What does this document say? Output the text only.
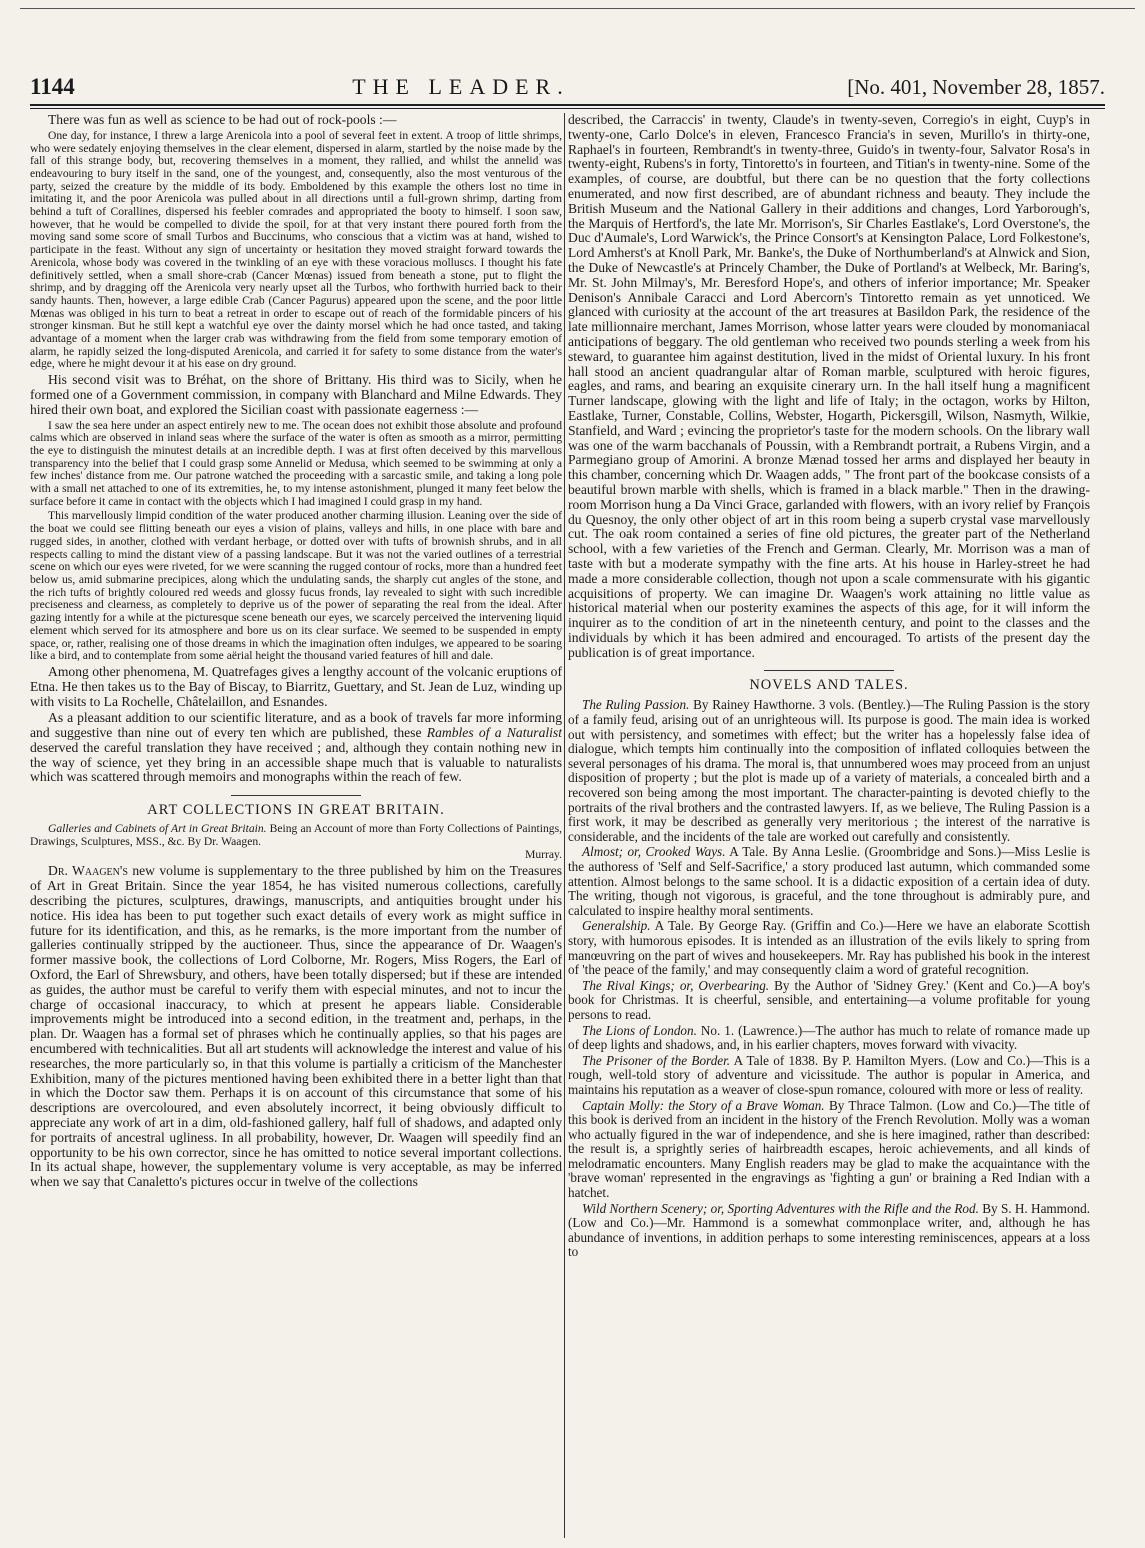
1144	THE LEADER.	[No. 401, November 28, 1857.

There was fun as well as science to be had out of rock-pools :—

One day, for instance, I threw a large Arenicola into a pool of several feet in extent. A troop of little shrimps, who were sedately enjoying themselves in the clear element, dispersed in alarm, startled by the noise made by the fall of this strange body, but, recovering themselves in a moment, they rallied, and whilst the annelid was endeavouring to bury itself in the sand, one of the youngest, and, consequently, also the most venturous of the party, seized the creature by the middle of its body. Emboldened by this example the others lost no time in imitating it, and the poor Arenicola was pulled about in all directions until a full-grown shrimp, darting from behind a tuft of Corallines, dispersed his feebler comrades and appropriated the booty to himself. I soon saw, however, that he would be compelled to divide the spoil, for at that very instant there poured forth from the moving sand some score of small Turbos and Buccinums, who conscious that a victim was at hand, wished to participate in the feast. Without any sign of uncertainty or hesitation they moved straight forward towards the Arenicola, whose body was covered in the twinkling of an eye with these voracious molluscs. I thought his fate definitively settled, when a small shore-crab (Cancer Mœnas) issued from beneath a stone, put to flight the shrimp, and by dragging off the Arenicola very nearly upset all the Turbos, who forthwith hurried back to their sandy haunts. Then, however, a large edible Crab (Cancer Pagurus) appeared upon the scene, and the poor little Mœnas was obliged in his turn to beat a retreat in order to escape out of reach of the formidable pincers of his stronger kinsman. But he still kept a watchful eye over the dainty morsel which he had once tasted, and taking advantage of a moment when the larger crab was withdrawing from the field from some temporary emotion of alarm, he rapidly seized the long-disputed Arenicola, and carried it for safety to some distance from the water's edge, where he might devour it at his ease on dry ground.

His second visit was to Bréhat, on the shore of Brittany. His third was to Sicily, when he formed one of a Government commission, in company with Blanchard and Milne Edwards. They hired their own boat, and explored the Sicilian coast with passionate eagerness :—

I saw the sea here under an aspect entirely new to me. The ocean does not exhibit those absolute and profound calms which are observed in inland seas where the surface of the water is often as smooth as a mirror, permitting the eye to distinguish the minutest details at an incredible depth. I was at first often deceived by this marvellous transparency into the belief that I could grasp some Annelid or Medusa, which seemed to be swimming at only a few inches' distance from me. Our patrone watched the proceeding with a sarcastic smile, and taking a long pole with a small net attached to one of its extremities, he, to my intense astonishment, plunged it many feet below the surface before it came in contact with the objects which I had imagined I could grasp in my hand.

This marvellously limpid condition of the water produced another charming illusion. Leaning over the side of the boat we could see flitting beneath our eyes a vision of plains, valleys and hills, in one place with bare and rugged sides, in another, clothed with verdant herbage, or dotted over with tufts of brownish shrubs, and in all respects calling to mind the distant view of a passing landscape. But it was not the varied outlines of a terrestrial scene on which our eyes were riveted, for we were scanning the rugged contour of rocks, more than a hundred feet below us, amid submarine precipices, along which the undulating sands, the sharply cut angles of the stone, and the rich tufts of brightly coloured red weeds and glossy fucus fronds, lay revealed to sight with such incredible preciseness and clearness, as completely to deprive us of the power of separating the real from the ideal. After gazing intently for a while at the picturesque scene beneath our eyes, we scarcely perceived the intervening liquid element which served for its atmosphere and bore us on its clear surface. We seemed to be suspended in empty space, or, rather, realising one of those dreams in which the imagination often indulges, we appeared to be soaring like a bird, and to contemplate from some aërial height the thousand varied features of hill and dale.

Among other phenomena, M. Quatrefages gives a lengthy account of the volcanic eruptions of Etna. He then takes us to the Bay of Biscay, to Biarritz, Guettary, and St. Jean de Luz, winding up with visits to La Rochelle, Châtelaillon, and Esnandes.

As a pleasant addition to our scientific literature, and as a book of travels far more informing and suggestive than nine out of every ten which are published, these Rambles of a Naturalist deserved the careful translation they have received ; and, although they contain nothing new in the way of science, yet they bring in an accessible shape much that is valuable to naturalists which was scattered through memoirs and monographs within the reach of few.

ART COLLECTIONS IN GREAT BRITAIN.

Galleries and Cabinets of Art in Great Britain. Being an Account of more than Forty Collections of Paintings, Drawings, Sculptures, MSS., &c. By Dr. Waagen.
Murray.

Dr. Waagen's new volume is supplementary to the three published by him on the Treasures of Art in Great Britain. Since the year 1854, he has visited numerous collections, carefully describing the pictures, sculptures, drawings, manuscripts, and antiquities brought under his notice. His idea has been to put together such exact details of every work as might suffice in future for its identification, and this, as he remarks, is the more important from the number of galleries continually stripped by the auctioneer. Thus, since the appearance of Dr. Waagen's former massive book, the collections of Lord Colborne, Mr. Rogers, Miss Rogers, the Earl of Oxford, the Earl of Shrewsbury, and others, have been totally dispersed; but if these are intended as guides, the author must be careful to verify them with especial minutes, and not to incur the charge of occasional inaccuracy, to which at present he appears liable. Considerable improvements might be introduced into a second edition, in the treatment and, perhaps, in the plan. Dr. Waagen has a formal set of phrases which he continually applies, so that his pages are encumbered with technicalities. But all art students will acknowledge the interest and value of his researches, the more particularly so, in that this volume is partially a criticism of the Manchester Exhibition, many of the pictures mentioned having been exhibited there in a better light than that in which the Doctor saw them. Perhaps it is on account of this circumstance that some of his descriptions are overcoloured, and even absolutely incorrect, it being obviously difficult to appreciate any work of art in a dim, old-fashioned gallery, half full of shadows, and adapted only for portraits of ancestral ugliness. In all probability, however, Dr. Waagen will speedily find an opportunity to be his own corrector, since he has omitted to notice several important collections. In its actual shape, however, the supplementary volume is very acceptable, as may be inferred when we say that Canaletto's pictures occur in twelve of the collections

described, the Carraccis' in twenty, Claude's in twenty-seven, Corregio's in eight, Cuyp's in twenty-one, Carlo Dolce's in eleven, Francesco Francia's in seven, Murillo's in thirty-one, Raphael's in fourteen, Rembrandt's in twenty-three, Guido's in twenty-four, Salvator Rosa's in twenty-eight, Rubens's in forty, Tintoretto's in fourteen, and Titian's in twenty-nine. Some of the examples, of course, are doubtful, but there can be no question that the forty collections enumerated, and now first described, are of abundant richness and beauty. They include the British Museum and the National Gallery in their additions and changes, Lord Yarborough's, the Marquis of Hertford's, the late Mr. Morrison's, Sir Charles Eastlake's, Lord Overstone's, the Duc d'Aumale's, Lord Warwick's, the Prince Consort's at Kensington Palace, Lord Folkestone's, Lord Amherst's at Knoll Park, Mr. Banke's, the Duke of Northumberland's at Alnwick and Sion, the Duke of Newcastle's at Princely Chamber, the Duke of Portland's at Welbeck, Mr. Baring's, Mr. St. John Milmay's, Mr. Beresford Hope's, and others of inferior importance; Mr. Speaker Denison's Annibale Caracci and Lord Abercorn's Tintoretto remain as yet unnoticed. We glanced with curiosity at the account of the art treasures at Basildon Park, the residence of the late millionnaire merchant, James Morrison, whose latter years were clouded by monomaniacal anticipations of beggary. The old gentleman who received two pounds sterling a week from his steward, to guarantee him against destitution, lived in the midst of Oriental luxury. In his front hall stood an ancient quadrangular altar of Roman marble, sculptured with heroic figures, eagles, and rams, and bearing an exquisite cinerary urn. In the hall itself hung a magnificent Turner landscape, glowing with the light and life of Italy; in the octagon, works by Hilton, Eastlake, Turner, Constable, Collins, Webster, Hogarth, Pickersgill, Wilson, Nasmyth, Wilkie, Stanfield, and Ward ; evincing the proprietor's taste for the modern schools. On the library wall was one of the warm bacchanals of Poussin, with a Rembrandt portrait, a Rubens Virgin, and a Parmegiano group of Amorini. A bronze Mænad tossed her arms and displayed her beauty in this chamber, concerning which Dr. Waagen adds, " The front part of the bookcase consists of a beautiful brown marble with shells, which is framed in a black marble." Then in the drawing-room Morrison hung a Da Vinci Grace, garlanded with flowers, with an ivory relief by François du Quesnoy, the only other object of art in this room being a superb crystal vase marvellously cut. The oak room contained a series of fine old pictures, the greater part of the Netherland school, with a few varieties of the French and German. Clearly, Mr. Morrison was a man of taste with but a moderate sympathy with the fine arts. At his house in Harley-street he had made a more considerable collection, though not upon a scale commensurate with his gigantic acquisitions of property. We can imagine Dr. Waagen's work attaining no little value as historical material when our posterity examines the aspects of this age, for it will inform the inquirer as to the condition of art in the nineteenth century, and point to the classes and the individuals by which it has been admired and encouraged. To artists of the present day the publication is of great importance.

NOVELS AND TALES.

The Ruling Passion. By Rainey Hawthorne. 3 vols. (Bentley.)—The Ruling Passion is the story of a family feud, arising out of an unrighteous will. Its purpose is good. The main idea is worked out with persistency, and sometimes with effect; but the writer has a hopelessly false idea of dialogue, which tempts him continually into the composition of inflated colloquies between the several personages of his drama. The moral is, that unnumbered woes may proceed from an unjust disposition of property ; but the plot is made up of a variety of materials, a concealed birth and a recovered son being among the most important. The character-painting is devoted chiefly to the portraits of the rival brothers and the contrasted lawyers. If, as we believe, The Ruling Passion is a first work, it may be described as generally very meritorious ; the interest of the narrative is considerable, and the incidents of the tale are worked out carefully and consistently.

Almost; or, Crooked Ways. A Tale. By Anna Leslie. (Groombridge and Sons.)—Miss Leslie is the authoress of 'Self and Self-Sacrifice,' a story produced last autumn, which commanded some attention. Almost belongs to the same school. It is a didactic exposition of a certain idea of duty. The writing, though not vigorous, is graceful, and the tone throughout is admirably pure, and calculated to inspire healthy moral sentiments.

Generalship. A Tale. By George Ray. (Griffin and Co.)—Here we have an elaborate Scottish story, with humorous episodes. It is intended as an illustration of the evils likely to spring from manœuvring on the part of wives and housekeepers. Mr. Ray has published his book in the interest of 'the peace of the family,' and may consequently claim a word of grateful recognition.

The Rival Kings; or, Overbearing. By the Author of 'Sidney Grey.' (Kent and Co.)—A boy's book for Christmas. It is cheerful, sensible, and entertaining—a volume profitable for young persons to read.

The Lions of London. No. 1. (Lawrence.)—The author has much to relate of romance made up of deep lights and shadows, and, in his earlier chapters, moves forward with vivacity.

The Prisoner of the Border. A Tale of 1838. By P. Hamilton Myers. (Low and Co.)—This is a rough, well-told story of adventure and vicissitude. The author is popular in America, and maintains his reputation as a weaver of close-spun romance, coloured with more or less of reality.

Captain Molly: the Story of a Brave Woman. By Thrace Talmon. (Low and Co.)—The title of this book is derived from an incident in the history of the French Revolution. Molly was a woman who actually figured in the war of independence, and she is here imagined, rather than described: the result is, a sprightly series of hairbreadth escapes, heroic achievements, and all kinds of melodramatic encounters. Many English readers may be glad to make the acquaintance with the 'brave woman' represented in the engravings as 'fighting a gun' or braining a Red Indian with a hatchet.

Wild Northern Scenery; or, Sporting Adventures with the Rifle and the Rod. By S. H. Hammond. (Low and Co.)—Mr. Hammond is a somewhat commonplace writer, and, although he has abundance of inventions, in addition perhaps to some interesting reminiscences, appears at a loss to
